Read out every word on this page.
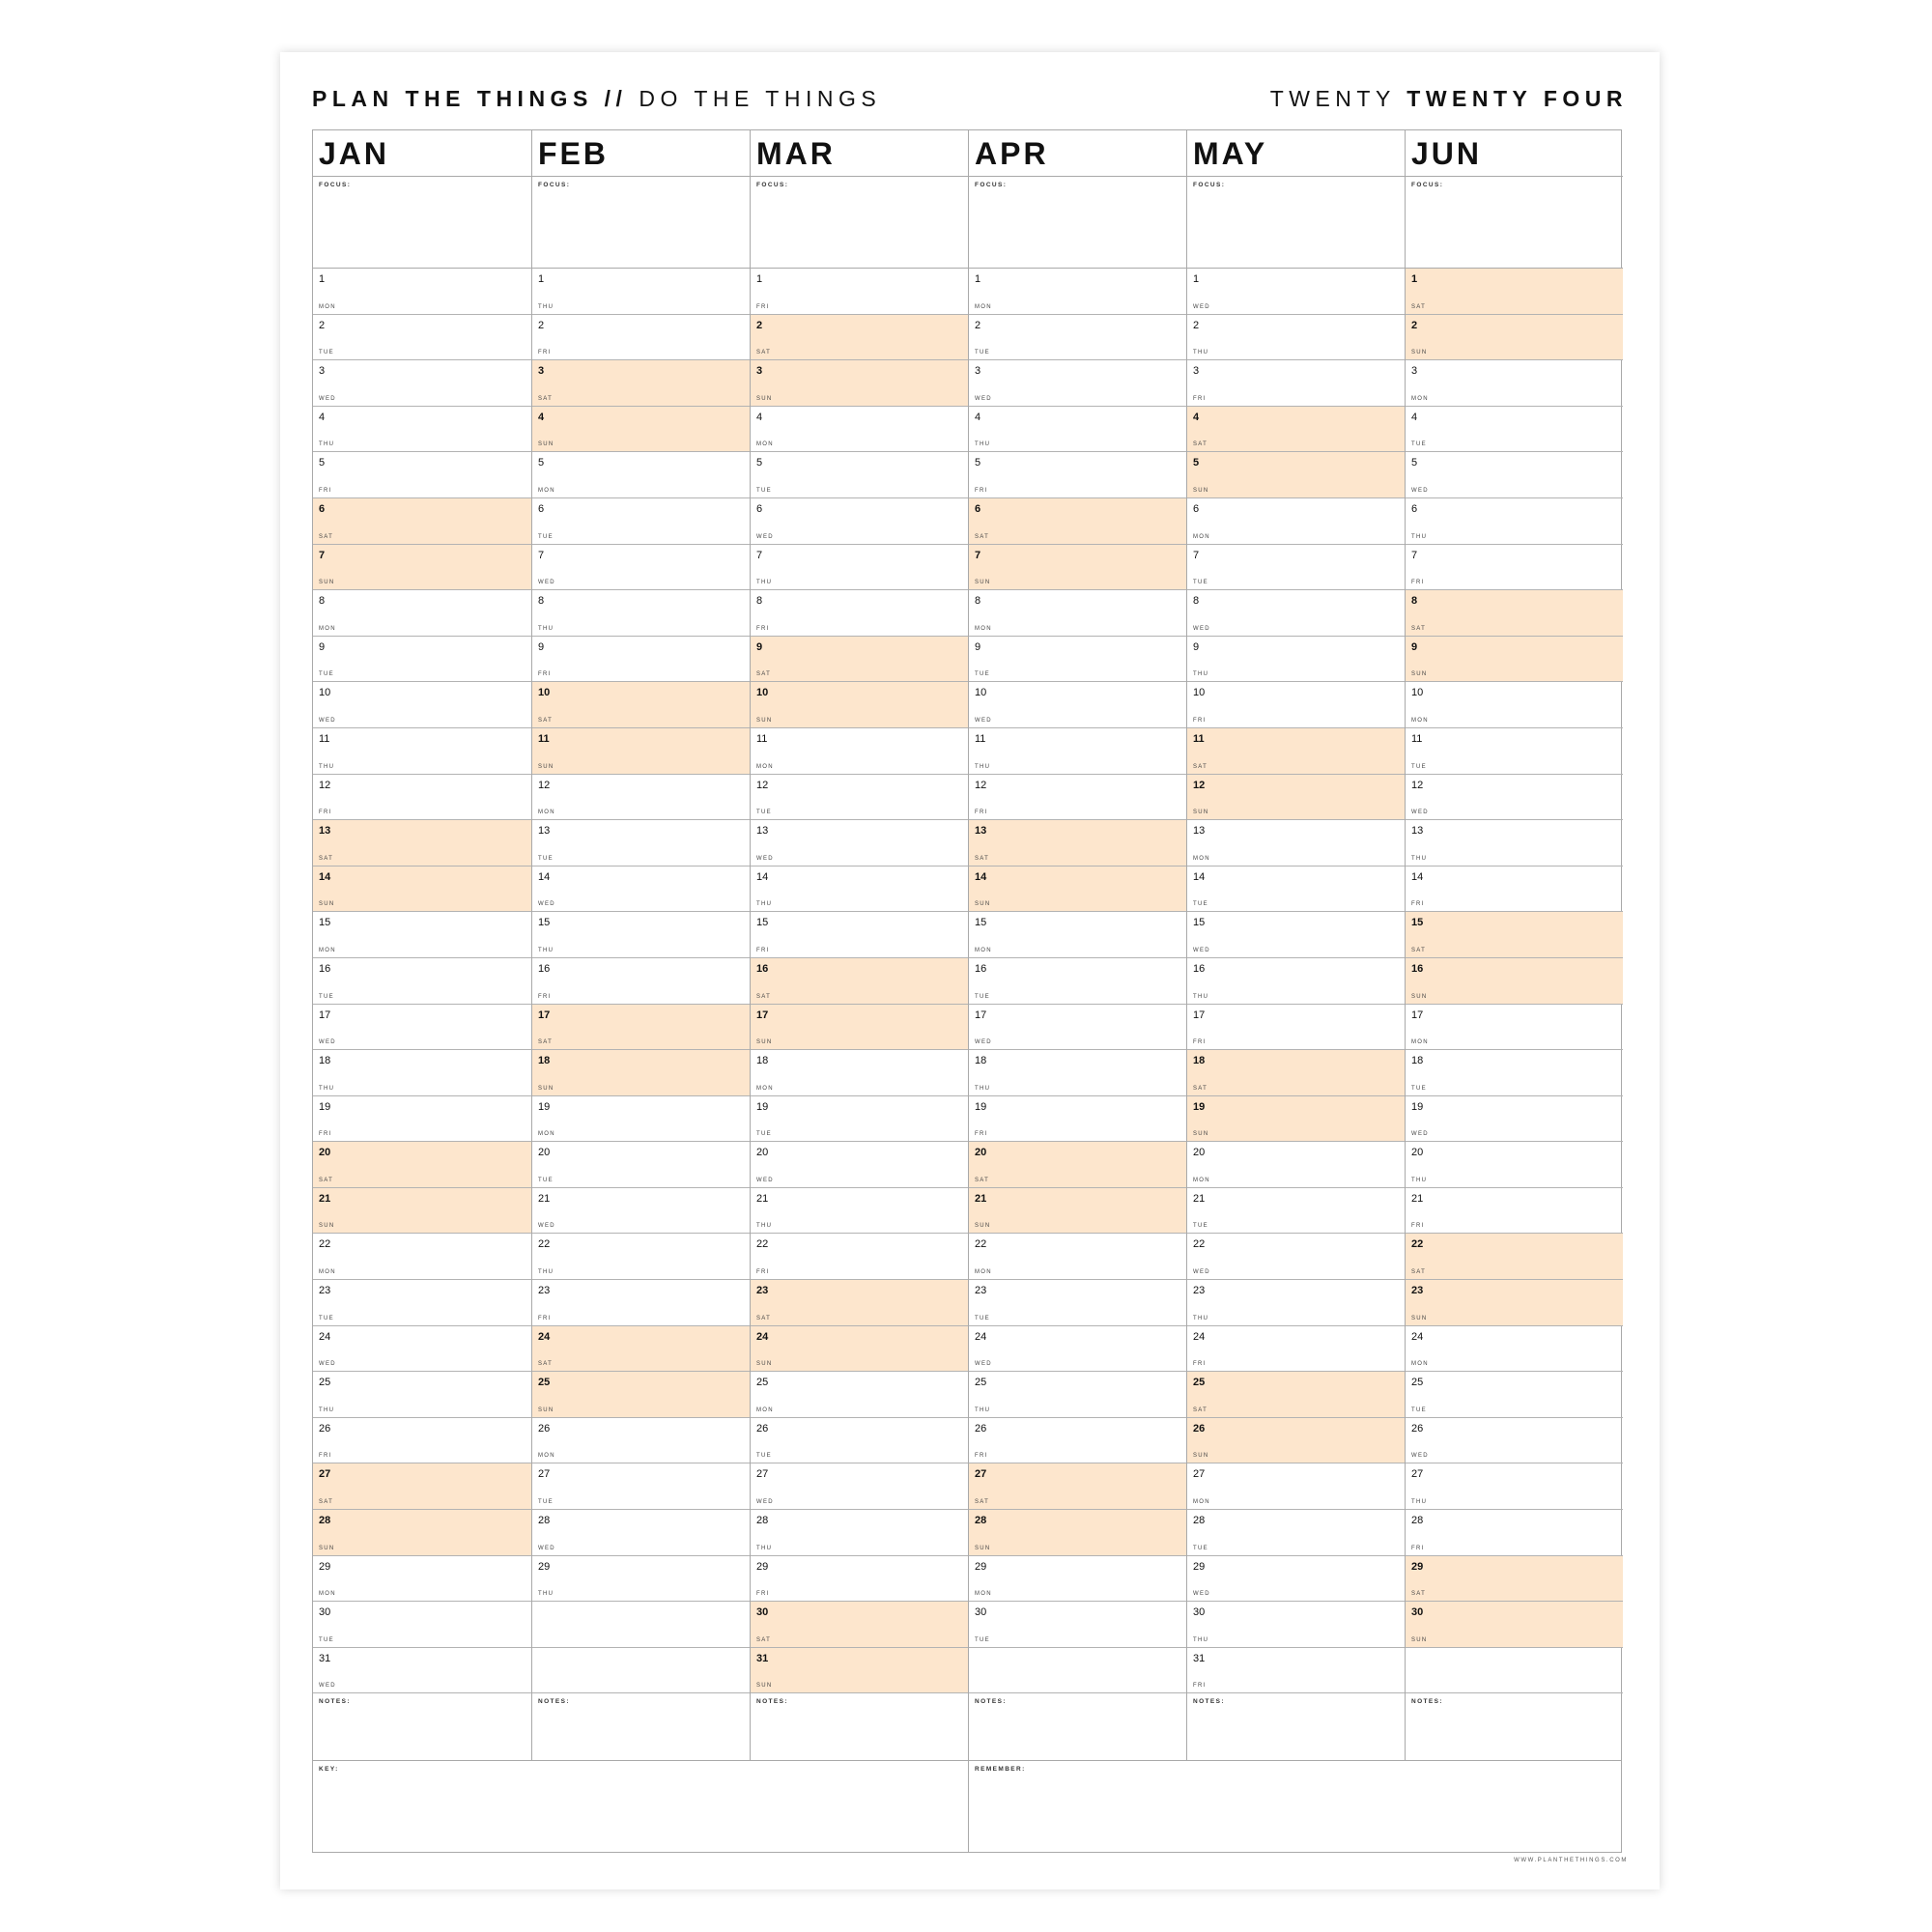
PLAN THE THINGS // DO THE THINGS	TWENTY TWENTY FOUR
KEY:	REMEMBER:
JAN
FOCUS:
1
MON
2
TUE
3
WED
4
THU
5
FRI
6
SAT
7
SUN
8
MON
9
TUE
10
WED
11
THU
12
FRI
13
SAT
14
SUN
15
MON
16
TUE
17
WED
18
THU
19
FRI
20
SAT
21
SUN
22
MON
23
TUE
24
WED
25
THU
26
FRI
27
SAT
28
SUN
29
MON
30
TUE
31
WED
NOTES:
FEB
FOCUS:
1
THU
2
FRI
3
SAT
4
SUN
5
MON
6
TUE
7
WED
8
THU
9
FRI
10
SAT
11
SUN
12
MON
13
TUE
14
WED
15
THU
16
FRI
17
SAT
18
SUN
19
MON
20
TUE
21
WED
22
THU
23
FRI
24
SAT
25
SUN
26
MON
27
TUE
28
WED
29
THU
NOTES:
MAR
FOCUS:
1
FRI
2
SAT
3
SUN
4
MON
5
TUE
6
WED
7
THU
8
FRI
9
SAT
10
SUN
11
MON
12
TUE
13
WED
14
THU
15
FRI
16
SAT
17
SUN
18
MON
19
TUE
20
WED
21
THU
22
FRI
23
SAT
24
SUN
25
MON
26
TUE
27
WED
28
THU
29
FRI
30
SAT
31
SUN
NOTES:
APR
FOCUS:
1
MON
2
TUE
3
WED
4
THU
5
FRI
6
SAT
7
SUN
8
MON
9
TUE
10
WED
11
THU
12
FRI
13
SAT
14
SUN
15
MON
16
TUE
17
WED
18
THU
19
FRI
20
SAT
21
SUN
22
MON
23
TUE
24
WED
25
THU
26
FRI
27
SAT
28
SUN
29
MON
30
TUE
NOTES:
MAY
FOCUS:
1
WED
2
THU
3
FRI
4
SAT
5
SUN
6
MON
7
TUE
8
WED
9
THU
10
FRI
11
SAT
12
SUN
13
MON
14
TUE
15
WED
16
THU
17
FRI
18
SAT
19
SUN
20
MON
21
TUE
22
WED
23
THU
24
FRI
25
SAT
26
SUN
27
MON
28
TUE
29
WED
30
THU
31
FRI
NOTES:
JUN
FOCUS:
1
SAT
2
SUN
3
MON
4
TUE
5
WED
6
THU
7
FRI
8
SAT
9
SUN
10
MON
11
TUE
12
WED
13
THU
14
FRI
15
SAT
16
SUN
17
MON
18
TUE
19
WED
20
THU
21
FRI
22
SAT
23
SUN
24
MON
25
TUE
26
WED
27
THU
28
FRI
29
SAT
30
SUN
NOTES:
WWW.PLANTHETHINGS.COM
